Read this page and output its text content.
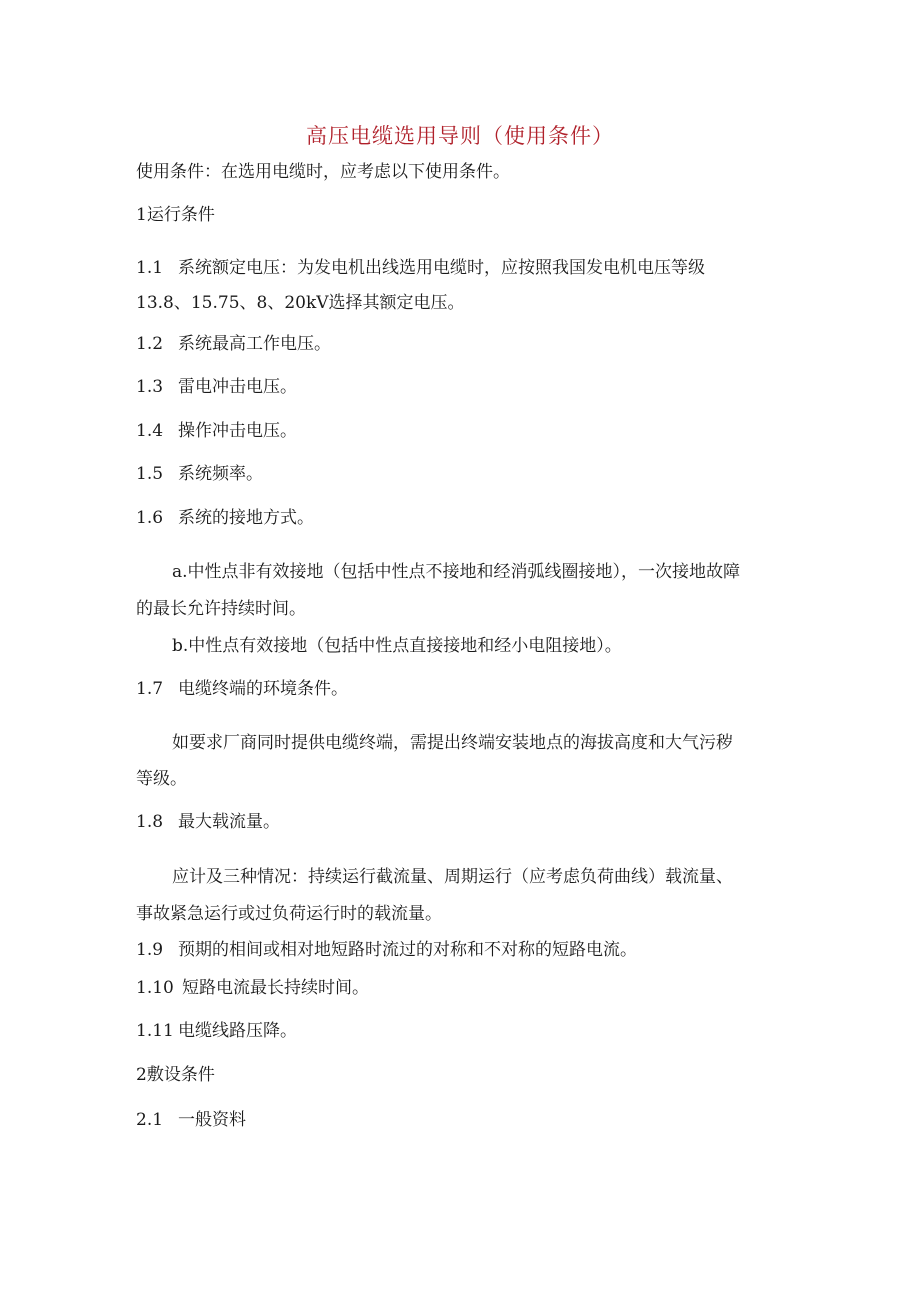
高压电缆选用导则（使用条件）
使用条件：在选用电缆时，应考虑以下使用条件。
1运行条件
1.1 系统额定电压：为发电机出线选用电缆时，应按照我国发电机电压等级
13.8、15.75、8、20kV选择其额定电压。
1.2 系统最高工作电压。
1.3 雷电冲击电压。
1.4 操作冲击电压。
1.5 系统频率。
1.6 系统的接地方式。
a.中性点非有效接地（包括中性点不接地和经消弧线圈接地），一次接地故障
的最长允许持续时间。
b.中性点有效接地（包括中性点直接接地和经小电阻接地）。
1.7 电缆终端的环境条件。
如要求厂商同时提供电缆终端，需提出终端安装地点的海拔高度和大气污秽
等级。
1.8 最大载流量。
应计及三种情况：持续运行截流量、周期运行（应考虑负荷曲线）载流量、
事故紧急运行或过负荷运行时的载流量。
1.9 预期的相间或相对地短路时流过的对称和不对称的短路电流。
1.10 短路电流最长持续时间。
1.11 电缆线路压降。
2敷设条件
2.1 一般资料
